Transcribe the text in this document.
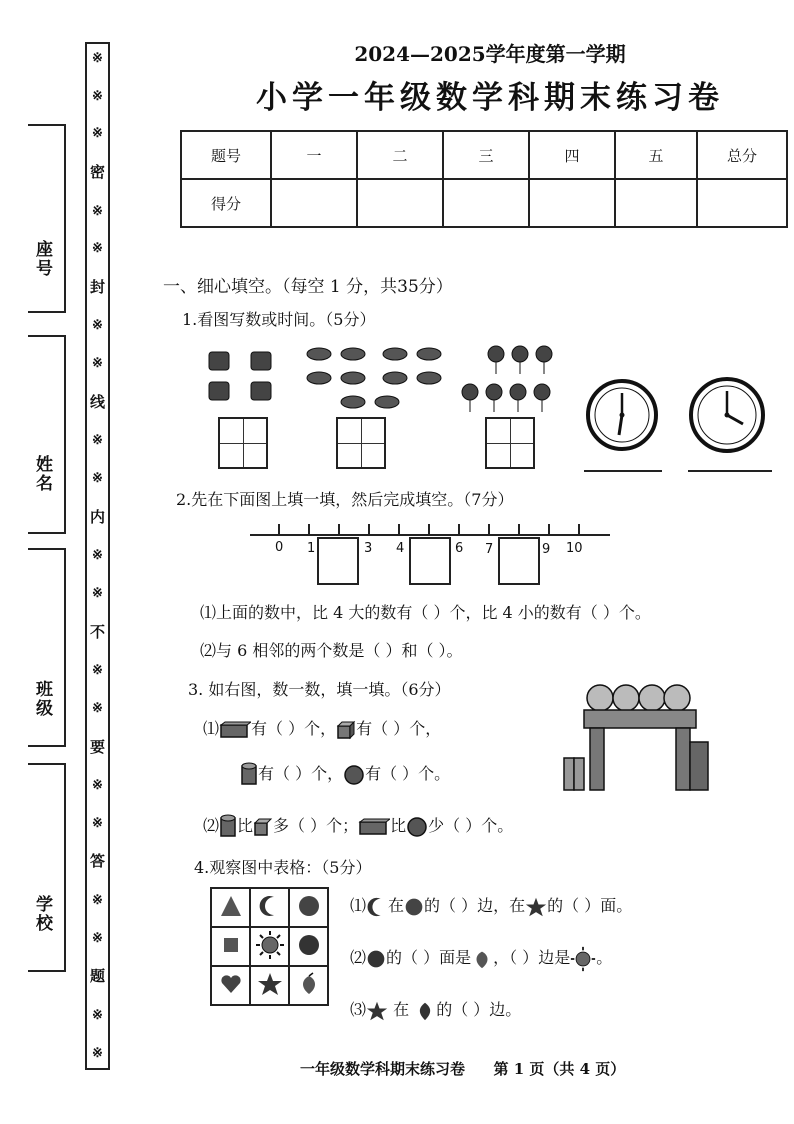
座号
姓名
班级
学校
※
※
※
密
※
※
封
※
※
线
※
※
内
※
※
不
※
※
要
※
※
答
※
※
题
※
※
2024—2025学年度第一学期
小学一年级数学科期末练习卷
题号	一	二	三	四	五	总分
得分						
一、细心填空。（每空 1 分，共35分）
1.看图写数或时间。（5分）
2.先在下面图上填一填，然后完成填空。（7分）
0 1	3 4	6 7	9 10
⑴上面的数中，比 4 大的数有（ ）个，比 4 小的数有（ ）个。
⑵与 6 相邻的两个数是（ ）和（ ）。
3. 如右图，数一数，填一填。（6分）
⑴ 有（ ）个， 有（ ）个，
有（ ）个， 有（ ）个。
⑵ 比 多（ ）个； 比 少（ ）个。
4.观察图中表格：（5分）

⑴ 在 的（ ）边，在 的（ ）面。
⑵ 的（ ）面是 ，（ ）边是 。
⑶ 在 的（ ）边。
一年级数学科期末练习卷 第 1 页（共 4 页）
